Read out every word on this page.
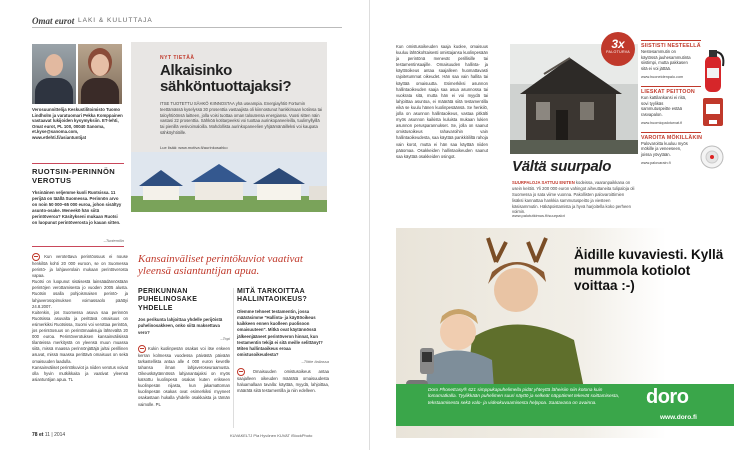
Omat eurot LAKI & KULUTTAJA
Verosuunnittelija Keskustilitoimisto Tuomo Lindholm ja varatuomari Pekka Komppainen vastaavat lukijoiden kysymyksiin. ET-lehti, Omat eurot, PL 100, 00040 Sanoma, et.kyse@sanoma.com, www.etlehti.fi/asiantuntijat
RUOTSIN-PERINNÖN VEROTUS
Yksinäinen veljemme kuoli Ruotsissa. 11 perijää on täällä Suomessa. Perinnön arvo on noin 50 000–65 000 euroa, johon sisältyy asunto-osake. Meneekö hän siitä perintöveroa? Käsitykseni mukaan Ruotsi on luopunut perintöverosta jo kauan sitten.
–Tuntemilin
NYT TIETÄÄ
Alkaisinko sähköntuottajaksi?
ITSE TUOTETTU SÄHKÖ KIINNOSTAA yhä useampia. Energiayhtiö Fortumin teettämässä kyselyssä 30 prosenttia vastaajista oli kiinnostunut hankkimaan kotiinsa tai taloyhtiöönsä laitteen, jolla voisi tuottaa oman taloutensa energiansa. Vuosi sitten näin vastasi 22 prosenttia. Sähköä kotitarpeeksi voi tuottaa aurinkopaneeleilla, tuulimyllyillä tai pienillä vesivoimaloilla. Mahdollista aurinkopaneelien yhjäämänäilleksi voi kaupata sähköyhtiöille.
Lue lisää: www.motiva.fi/aurinkosahko
Kansainväliset perintökuviot vaativat yleensä asiantuntijan apua.

Kun verotettava perintöosuus ei nouse henkilöä kohti 20 000 euroon, se on Suomessa perintö- ja lahjaverolain mukaan perintöverosta vapaa.

Ruotsi on luopunut sisäisestä lainsäädännöstään perintöjen verottamisesta jo vuoden 2005 alusta. Ruotsin osalla pohjoismaisen perintö- ja lahjaverosopimuksen voimassaolo päättyi 24.8.2007.

Kuitenkin, jos Suomessa asuva saa perinnön Ruotsissa asuvalta ja perittävä omaisuus on esimerkiksi Ruotsissa, Suomi voi verottaa perintöä, jos perintöosuus on perintömaaksuja lähtevältä 20 000 euroa. Perintöverotuksen kansainvälisissä tilanteissa merkitystä on yleensä muun muassa siitä, missä maassa perinnönjättäjä ja/tai perillinen asuvat, missä maassa perittävä omaisuus on sekä omaisuuden laadulla.

Kansainväliset perintökuviot ja niiden verotus voivat olla hyvin mutkikkaita ja vaativat yleensä asiantuntijan apua. TL

PERIKUNNAN PUHELINOSAKE YHDELLE
Jos perikunta lahjoittaa yhdelle perijöistä puhelinosakkeen, onko siitä maksettava vero?
–Topi

Kukin kuolinpesän osakas voi itse enkeen kerran kolmessa vuodessa päivästä päivään tarkastellista antaa alle 4 000 euron kevetlle tahansa ilman lahjaveroseuraamusta. Oikeuskäytännössä lahjanantajaksi on myös katsottu kuolinpesä osakas kuten erikseen kuolinpesän nijasta, kun jakamattoman kuolinpesän osakas ovat esimerkiksi myyneet osakastaan hukalla yhdelle osakkaista ja tämän vaimolle. PL

MITÄ TARKOITTAA HALLINTAOIKEUS?
Olemme tehneet testamentin, jossa määräsimme "Hallinta- ja käyttöoikeus kaikkeen ennen kuolleen puolisoon omaisuuteen". Mitkä ovat käytännössä jälkeenjääneet perintöveron hinnat, kun testamentin tekijä ei sitä meille selittänyt? Miten hallintaoikeus eroaa omistusoikeudesta?
–Tiittie Italiassa

Omaisuuden omistusoikeus antaa saajalleen oikeuden määrätä omaisuudesta haluamallaan tavalla: käyttää, myydä, lahjoittaa, määrätä siitä testamentilla ja niin edelleen.

78 et 11 | 2014	KUVAKELTJ Pia Hyvönen KUVAT iStockPhoto

Kun omistusoikeuden saaja kuolee, omaisuus kuuluu lähtökohtaisesti omistajansa kuolinpesään ja perintönä menevät perillisille tai testamentinsaajille. Omaisuuden hallinta- ja käyttöoikeus antaa saajalleen huomattavasti rajoitetummat oikeudet. Hän saa vain hallita tai käyttää omaisuutta. Esimerkiksi asunnon hallintaoikeuden saaja saa asua asunnossa tai vuokrata sitä, mutta hän ei voi myydä tai lahjoittaa asuntoa, ei määrätä siitä testamentilla eikä se kuulu hänen kuolinpesäänsä. Se henkilö, jolla on asunnon hallintaoikeus, vastaa pitkälti myös asunnon kaikista kuluista mukaan lukien asunnon perusparannukset. Se, jolla on saanut omistusoikeus rahavaroihin vain hallintaoikeudesta, saa käyttää pankkitililtä rahoja vain korot, mutta ei hän saa käyttää niiden pääomaa. Osakkeiden hallintaoikeuden saanut saa käyttää osakkeiden osingot.

3x
PALOTURVA
Vältä suurpalo
SUURPALOJA SATTUU ENITEN kodeissa, vaaranpaikkana on usein keittiö. Yli 200 000 euron vahingot aiheuttaneita tulipaloja oli Suomessa jo sata viime vuonna. Pakollisten palovaroittimien lisäksi kannattaa hankkia sammutuspeitto ja viesteen käsisammutin. Häkäpoistamista ja hyvä harjoitella koko perheen voimin.
www.palotutkimus.fi/suurpalot
SIISTISTI NESTEELLÄ
Nestesammutin on käytössä jauhesammutinta siistimpi, mutta pakkasen sitä ei voi jättää.
www.huoneidenpalo.com
LIESKAT PEITTOON
Kun kattilankansi ei riitä, sovi tyylikäs sammutuspeitte estää rasvapalon.
www.huomiopaloturvat.fi
VAROITA MÖKILLÄKIN
Palovaroitta kuuluu myös mökille ja veneeseen, joissa yövytään.
www.palovarain.fi
Äidille kuvaviesti. Kyllä mummola kotiolot voittaa :-)
Doro PhoneEasy® 621 simppukapuhelimella pidät yhteyttä läheisiin niin kotona kuin lomamatkalla. Tyylikkään puhelimen suuri näyttö ja selkeät näppäimet tekevät soittamisesta, tekstaamisesta sekä valo- ja videokuvaamisesta helppoa. Saatavana on avainna.	doro
www.doro.fi
